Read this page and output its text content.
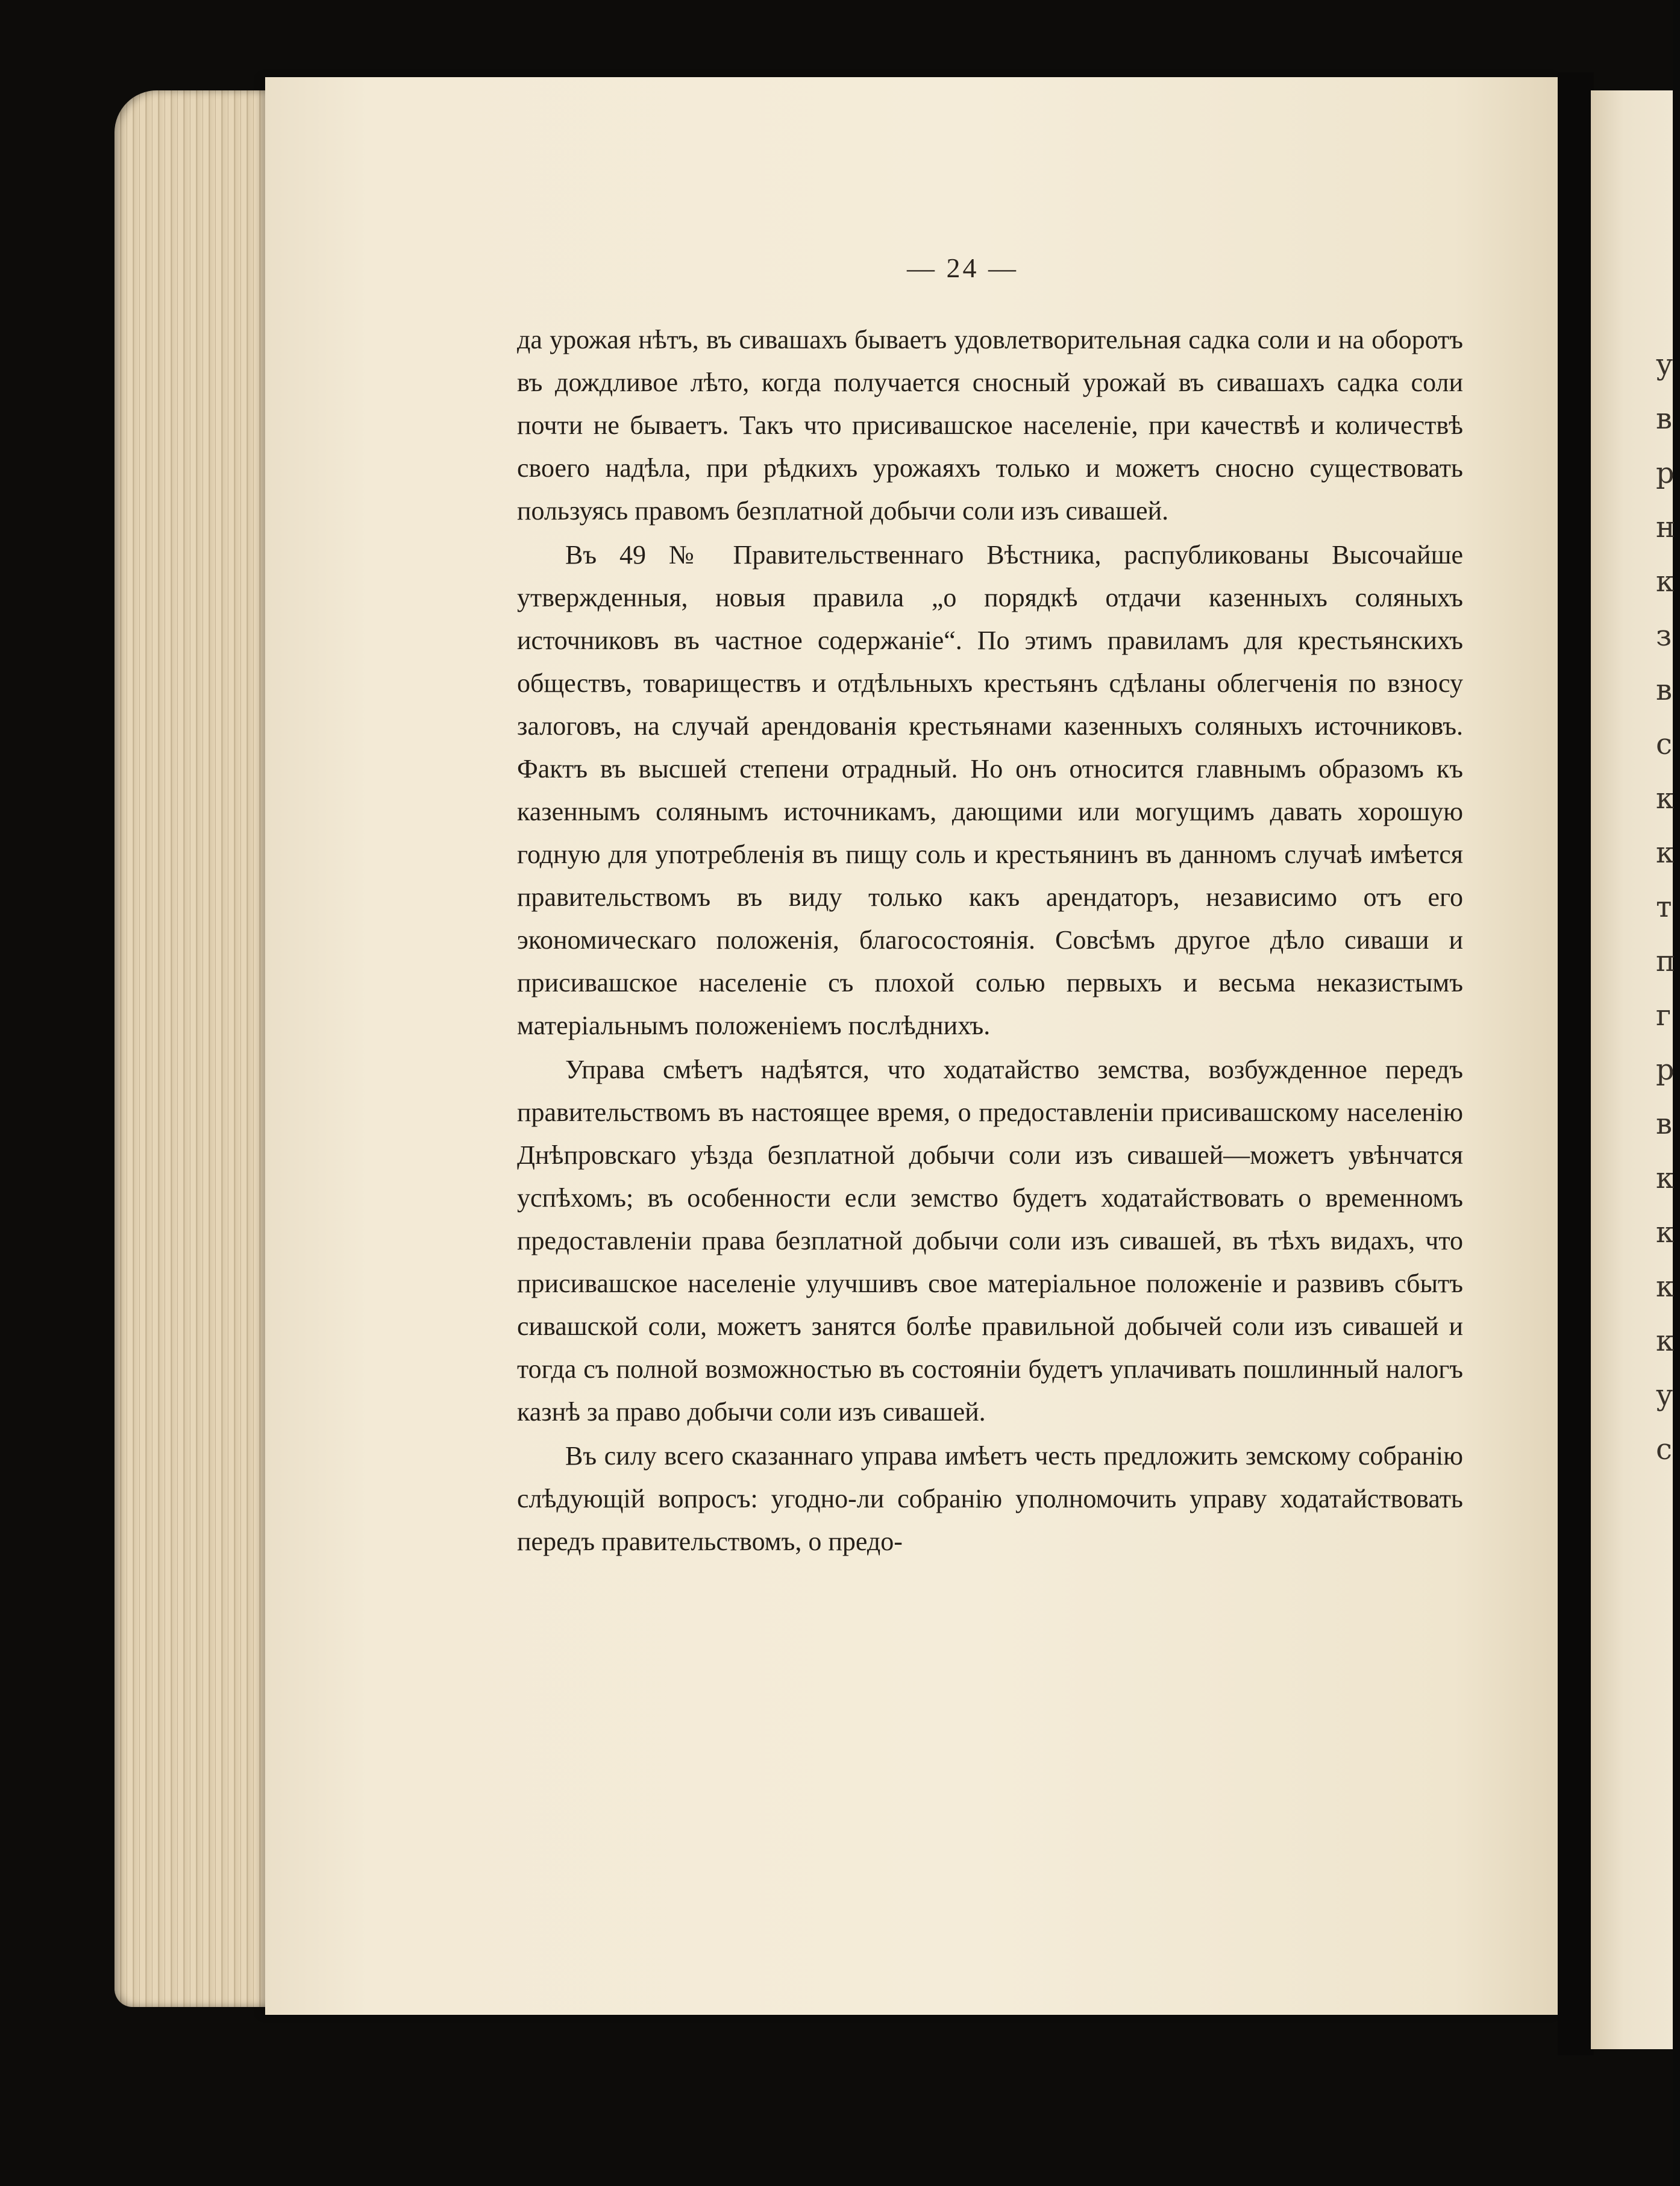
у
в
р
н
к
з
в
с
к
к
т
п
г
р
в
к
к
к
к
у
с
— 24 —

да урожая нѣтъ, въ сивашахъ бываетъ удовлетворительная садка соли и на оборотъ въ дождливое лѣто, когда получается сносный урожай въ сивашахъ садка соли почти не бываетъ. Такъ что присивашское населеніе, при качествѣ и количествѣ своего надѣла, при рѣдкихъ урожаяхъ только и можетъ сносно существовать пользуясь правомъ безплатной добычи соли изъ сивашей.

Въ 49 № Правительственнаго Вѣстника, распубликованы Высочайше утвержденныя, новыя правила „о порядкѣ отдачи казенныхъ соляныхъ источниковъ въ частное содержаніе“. По этимъ правиламъ для крестьянскихъ обществъ, товариществъ и отдѣльныхъ крестьянъ сдѣланы облегченія по взносу залоговъ, на случай арендованія крестьянами казенныхъ соляныхъ источниковъ. Фактъ въ высшей степени отрадный. Но онъ относится главнымъ образомъ къ казеннымъ солянымъ источникамъ, дающими или могущимъ давать хорошую годную для употребленія въ пищу соль и крестьянинъ въ данномъ случаѣ имѣется правительствомъ въ виду только какъ арендаторъ, независимо отъ его экономическаго положенія, благосостоянія. Совсѣмъ другое дѣло сиваши и присивашское населеніе съ плохой солью первыхъ и весьма неказистымъ матеріальнымъ положеніемъ послѣднихъ.

Управа смѣетъ надѣятся, что ходатайство земства, возбужденное передъ правительствомъ въ настоящее время, о предоставленіи присивашскому населенію Днѣпровскаго уѣзда безплатной добычи соли изъ сивашей—можетъ увѣнчатся успѣхомъ; въ особенности если земство будетъ ходатайствовать о временномъ предоставленіи права безплатной добычи соли изъ сивашей, въ тѣхъ видахъ, что присивашское населеніе улучшивъ свое матеріальное положеніе и развивъ сбытъ сивашской соли, можетъ занятся болѣе правильной добычей соли изъ сивашей и тогда съ полной возможностью въ состояніи будетъ уплачивать пошлинный налогъ казнѣ за право добычи соли изъ сивашей.

Въ силу всего сказаннаго управа имѣетъ честь предложить земскому собранію слѣдующій вопросъ: угодно-ли собранію уполномочить управу ходатайствовать передъ правительствомъ, о предо-
